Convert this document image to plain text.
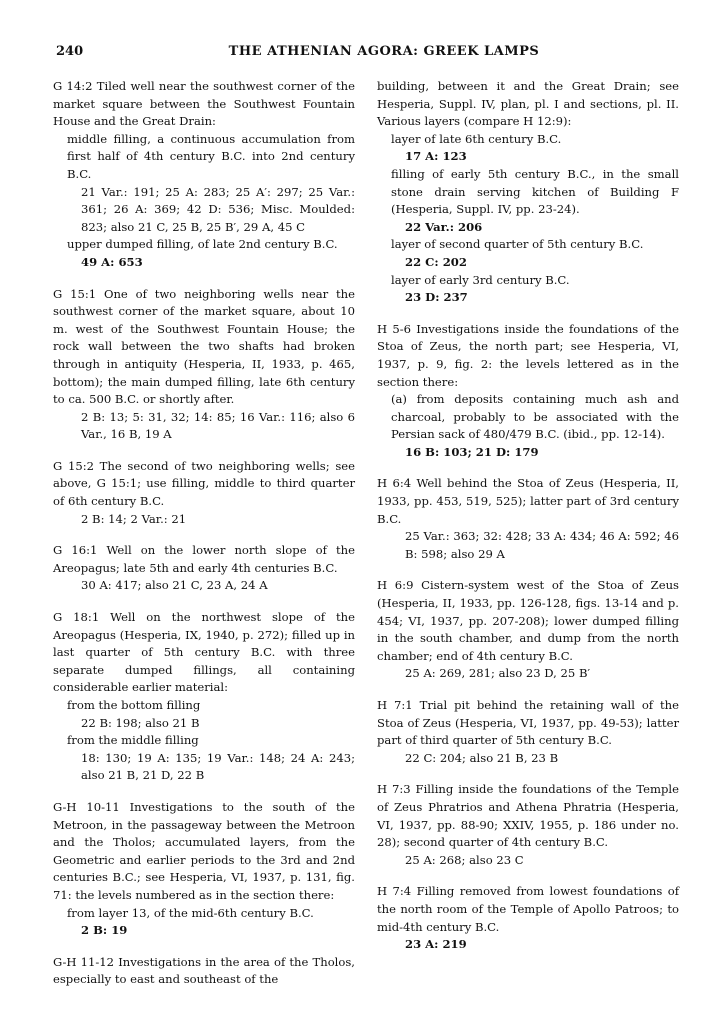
240	THE ATHENIAN AGORA: GREEK LAMPS

G 14:2 Tiled well near the southwest corner of the market square between the Southwest Fountain House and the Great Drain:

middle filling, a continuous accumulation from first half of 4th century B.C. into 2nd century B.C.

21 Var.: 191; 25 A: 283; 25 A′: 297; 25 Var.: 361; 26 A: 369; 42 D: 536; Misc. Moulded: 823; also 21 C, 25 B, 25 B′, 29 A, 45 C

upper dumped filling, of late 2nd century B.C.

49 A: 653

G 15:1 One of two neighboring wells near the southwest corner of the market square, about 10 m. west of the Southwest Fountain House; the rock wall between the two shafts had broken through in antiquity (Hesperia, II, 1933, p. 465, bottom); the main dumped filling, late 6th century to ca. 500 B.C. or shortly after.

2 B: 13; 5: 31, 32; 14: 85; 16 Var.: 116; also 6 Var., 16 B, 19 A

G 15:2 The second of two neighboring wells; see above, G 15:1; use filling, middle to third quarter of 6th century B.C.

2 B: 14; 2 Var.: 21

G 16:1 Well on the lower north slope of the Areopagus; late 5th and early 4th centuries B.C.

30 A: 417; also 21 C, 23 A, 24 A

G 18:1 Well on the northwest slope of the Areopagus (Hesperia, IX, 1940, p. 272); filled up in last quarter of 5th century B.C. with three separate dumped fillings, all containing considerable earlier material:

from the bottom filling

22 B: 198; also 21 B

from the middle filling

18: 130; 19 A: 135; 19 Var.: 148; 24 A: 243; also 21 B, 21 D, 22 B

G-H 10-11 Investigations to the south of the Metroon, in the passageway between the Metroon and the Tholos; accumulated layers, from the Geometric and earlier periods to the 3rd and 2nd centuries B.C.; see Hesperia, VI, 1937, p. 131, fig. 71: the levels numbered as in the section there:

from layer 13, of the mid-6th century B.C.

2 B: 19

G-H 11-12 Investigations in the area of the Tholos, especially to east and southeast of the

building, between it and the Great Drain; see Hesperia, Suppl. IV, plan, pl. I and sections, pl. II. Various layers (compare H 12:9):

layer of late 6th century B.C.

17 A: 123

filling of early 5th century B.C., in the small stone drain serving kitchen of Building F (Hesperia, Suppl. IV, pp. 23-24).

22 Var.: 206

layer of second quarter of 5th century B.C.

22 C: 202

layer of early 3rd century B.C.

23 D: 237

H 5-6 Investigations inside the foundations of the Stoa of Zeus, the north part; see Hesperia, VI, 1937, p. 9, fig. 2: the levels lettered as in the section there:

(a) from deposits containing much ash and charcoal, probably to be associated with the Persian sack of 480/479 B.C. (ibid., pp. 12-14).

16 B: 103; 21 D: 179

H 6:4 Well behind the Stoa of Zeus (Hesperia, II, 1933, pp. 453, 519, 525); latter part of 3rd century B.C.

25 Var.: 363; 32: 428; 33 A: 434; 46 A: 592; 46 B: 598; also 29 A

H 6:9 Cistern-system west of the Stoa of Zeus (Hesperia, II, 1933, pp. 126-128, figs. 13-14 and p. 454; VI, 1937, pp. 207-208); lower dumped filling in the south chamber, and dump from the north chamber; end of 4th century B.C.

25 A: 269, 281; also 23 D, 25 B′

H 7:1 Trial pit behind the retaining wall of the Stoa of Zeus (Hesperia, VI, 1937, pp. 49-53); latter part of third quarter of 5th century B.C.

22 C: 204; also 21 B, 23 B

H 7:3 Filling inside the foundations of the Temple of Zeus Phratrios and Athena Phratria (Hesperia, VI, 1937, pp. 88-90; XXIV, 1955, p. 186 under no. 28); second quarter of 4th century B.C.

25 A: 268; also 23 C

H 7:4 Filling removed from lowest foundations of the north room of the Temple of Apollo Patroos; to mid-4th century B.C.

23 A: 219
